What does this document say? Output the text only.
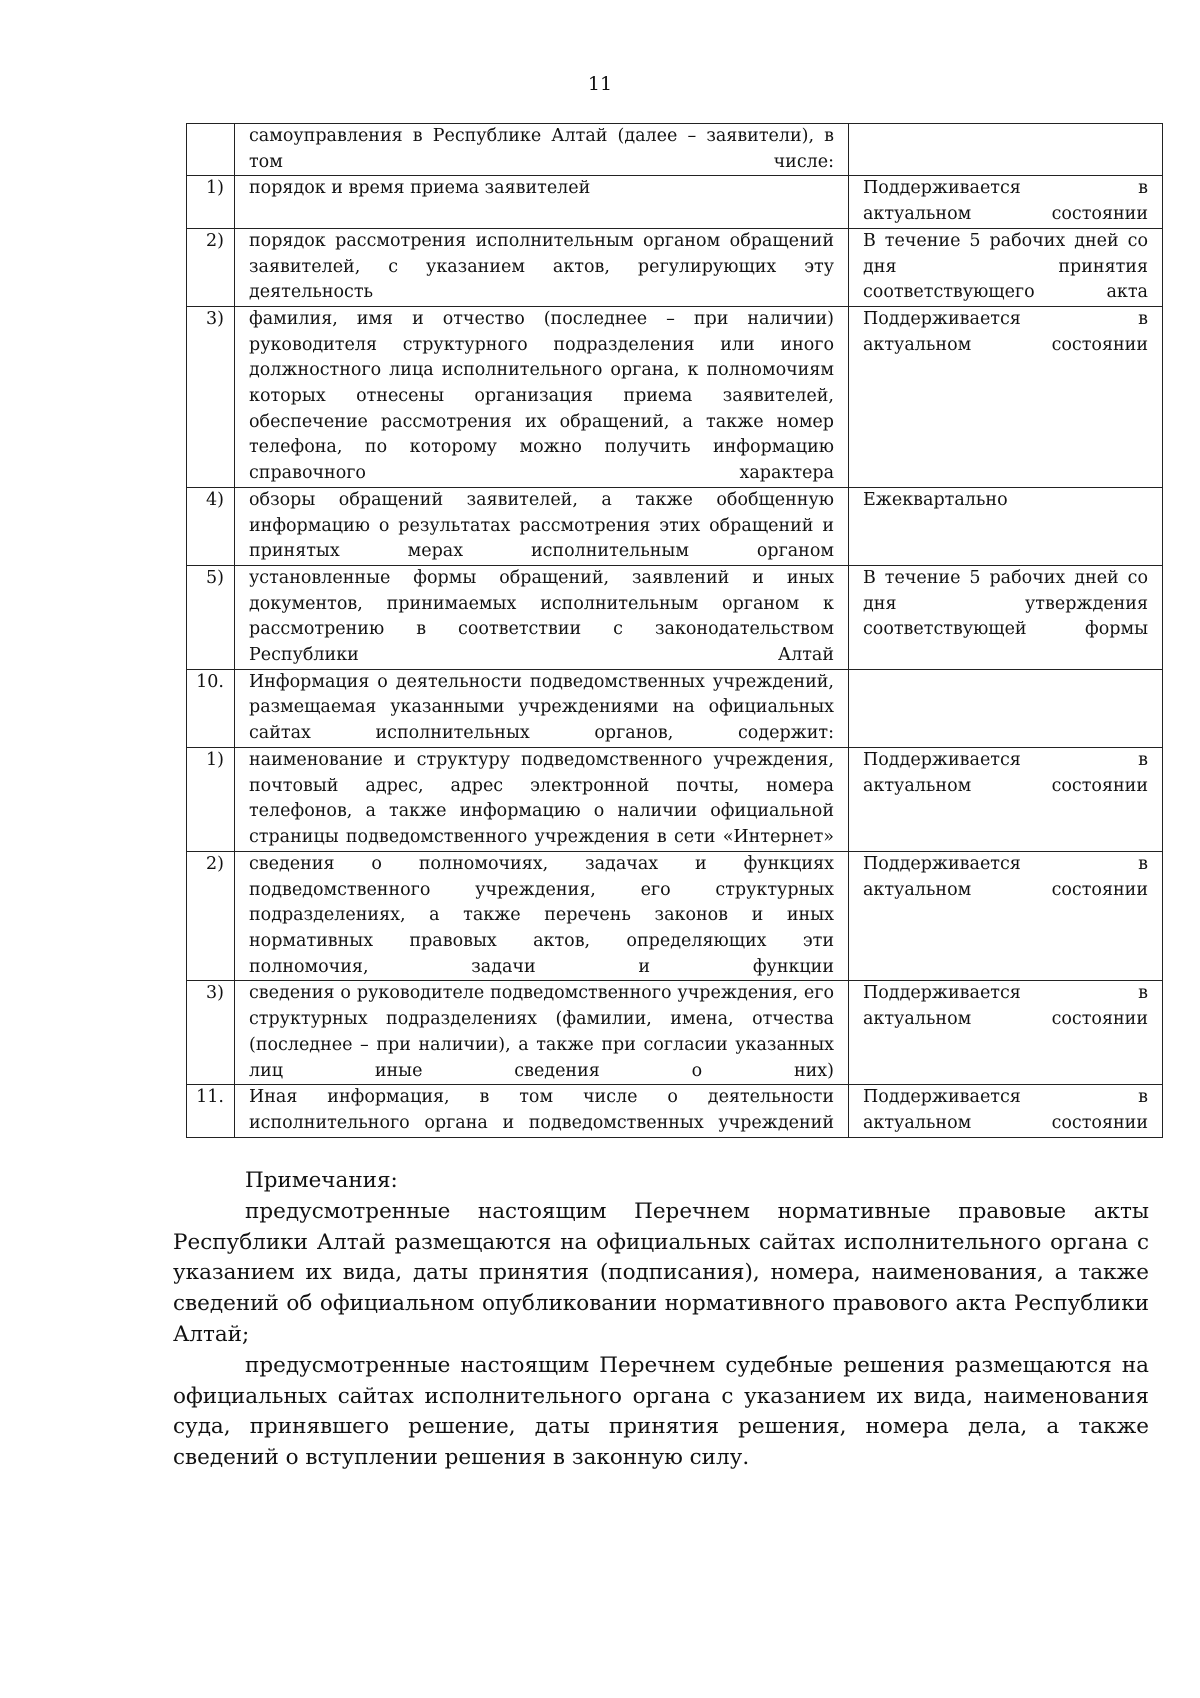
11
	самоуправления в Республике Алтай (далее – заявители), в том числе:	
1)	порядок и время приема заявителей	Поддерживается в актуальном состоянии
2)	порядок рассмотрения исполнительным органом обращений заявителей, с указанием актов, регулирующих эту деятельность	В течение 5 рабочих дней со дня принятия соответствующего акта
3)	фамилия, имя и отчество (последнее – при наличии) руководителя структурного подразделения или иного должностного лица исполнительного органа, к полномочиям которых отнесены организация приема заявителей, обеспечение рассмотрения их обращений, а также номер телефона, по которому можно получить информацию справочного характера	Поддерживается в актуальном состоянии
4)	обзоры обращений заявителей, а также обобщенную информацию о результатах рассмотрения этих обращений и принятых мерах исполнительным органом	Ежеквартально
5)	установленные формы обращений, заявлений и иных документов, принимаемых исполнительным органом к рассмотрению в соответствии с законодательством Республики Алтай	В течение 5 рабочих дней со дня утверждения соответствующей формы
10.	Информация о деятельности подведомственных учреждений, размещаемая указанными учреждениями на официальных сайтах исполнительных органов, содержит:	
1)	наименование и структуру подведомственного учреждения, почтовый адрес, адрес электронной почты, номера телефонов, а также информацию о наличии официальной страницы подведомственного учреждения в сети «Интернет»	Поддерживается в актуальном состоянии
2)	сведения о полномочиях, задачах и функциях подведомственного учреждения, его структурных подразделениях, а также перечень законов и иных нормативных правовых актов, определяющих эти полномочия, задачи и функции	Поддерживается в актуальном состоянии
3)	сведения о руководителе подведомственного учреждения, его структурных подразделениях (фамилии, имена, отчества (последнее – при наличии), а также при согласии указанных лиц иные сведения о них)	Поддерживается в актуальном состоянии
11.	Иная информация, в том числе о деятельности исполнительного органа и подведомственных учреждений	Поддерживается в актуальном состоянии

Примечания:

предусмотренные настоящим Перечнем нормативные правовые акты Республики Алтай размещаются на официальных сайтах исполнительного органа с указанием их вида, даты принятия (подписания), номера, наименования, а также сведений об официальном опубликовании нормативного правового акта Республики Алтай;

предусмотренные настоящим Перечнем судебные решения размещаются на официальных сайтах исполнительного органа с указанием их вида, наименования суда, принявшего решение, даты принятия решения, номера дела, а также сведений о вступлении решения в законную силу.
